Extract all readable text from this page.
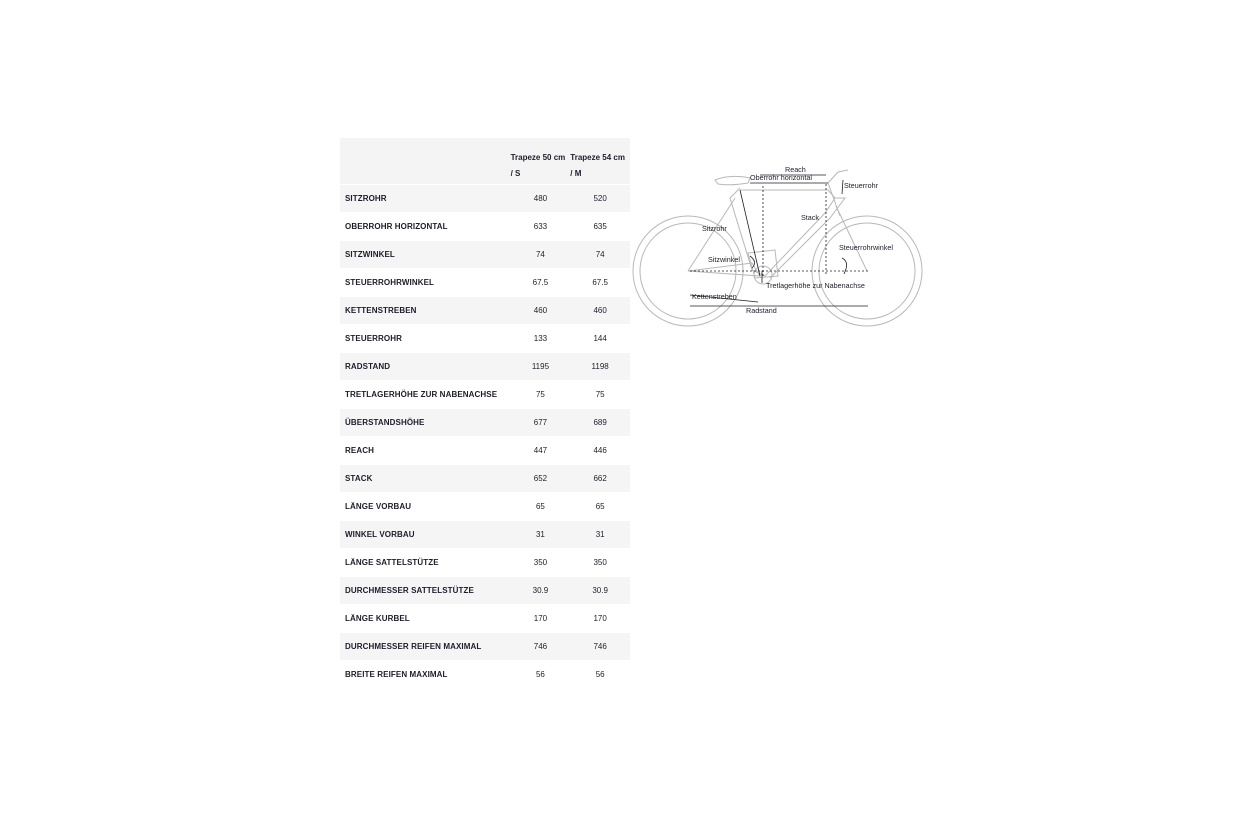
	Trapeze 50 cm	Trapeze 54 cm
	/ S	/ M
SITZROHR	480	520
OBERROHR HORIZONTAL	633	635
SITZWINKEL	74	74
STEUERROHRWINKEL	67.5	67.5
KETTENSTREBEN	460	460
STEUERROHR	133	144
RADSTAND	1195	1198
TRETLAGERHÖHE ZUR NABENACHSE	75	75
ÜBERSTANDSHÖHE	677	689
REACH	447	446
STACK	652	662
LÄNGE VORBAU	65	65
WINKEL VORBAU	31	31
LÄNGE SATTELSTÜTZE	350	350
DURCHMESSER SATTELSTÜTZE	30.9	30.9
LÄNGE KURBEL	170	170
DURCHMESSER REIFEN MAXIMAL	746	746
BREITE REIFEN MAXIMAL	56	56
Reach
Oberrohr horizontal
Steuerrohr
Stack
Sitzrohr
Steuerrohrwinkel
Sitzwinkel
Tretlagerhöhe zur Nabenachse
Kettenstreben
Radstand
